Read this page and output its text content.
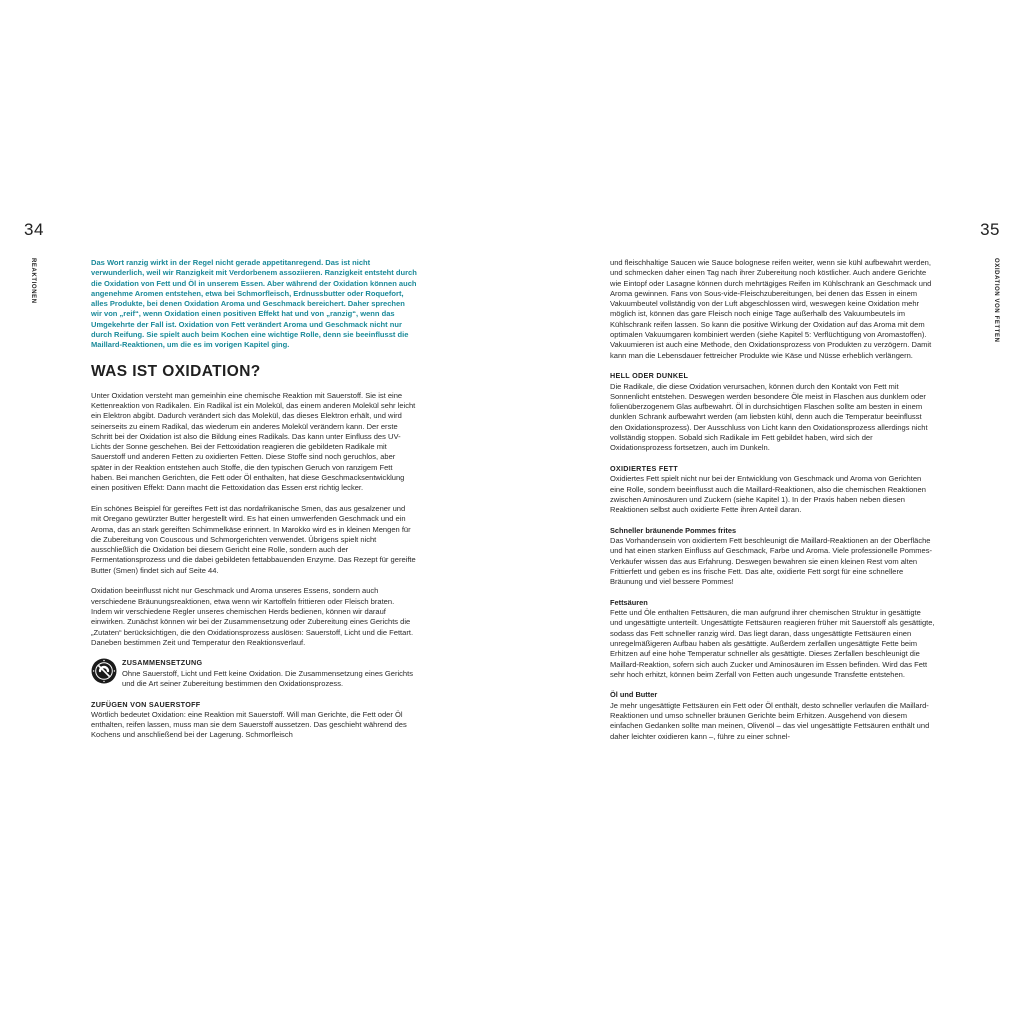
34	35
REAKTIONEN	OXIDATION VON FETTEN

Das Wort ranzig wirkt in der Regel nicht gerade appetitanregend. Das ist nicht verwunderlich, weil wir Ranzigkeit mit Verdorbenem assoziieren. Ranzigkeit entsteht durch die Oxidation von Fett und Öl in unserem Essen. Aber während der Oxidation können auch angenehme Aromen entstehen, etwa bei Schmorfleisch, Erdnussbutter oder Roquefort, alles Produkte, bei denen Oxidation Aroma und Geschmack bereichert. Daher sprechen wir von „reif“, wenn Oxidation einen positiven Effekt hat und von „ranzig“, wenn das Umgekehrte der Fall ist. Oxidation von Fett verändert Aroma und Geschmack nicht nur durch Reifung. Sie spielt auch beim Kochen eine wichtige Rolle, denn sie beeinflusst die Maillard-Reaktionen, um die es im vorigen Kapitel ging.

WAS IST OXIDATION?

Unter Oxidation versteht man gemeinhin eine chemische Reaktion mit Sauerstoff. Sie ist eine Kettenreaktion von Radikalen. Ein Radikal ist ein Molekül, das einem anderen Molekül sehr leicht ein Elektron abgibt. Dadurch verändert sich das Molekül, das dieses Elektron erhält, und wird seinerseits zu einem Radikal, das wiederum ein anderes Molekül verändern kann. Der erste Schritt bei der Oxidation ist also die Bildung eines Radikals. Das kann unter Einfluss des UV-Lichts der Sonne geschehen. Bei der Fettoxidation reagieren die gebildeten Radikale mit Sauerstoff und anderen Fetten zu oxidierten Fetten. Diese Stoffe sind noch geruchlos, aber später in der Reaktion entstehen auch Stoffe, die den typischen Geruch von ranzigem Fett haben. Bei manchen Gerichten, die Fett oder Öl enthalten, hat diese Geschmacksentwicklung einen positiven Effekt: Dann macht die Fettoxidation das Essen erst richtig lecker.

Ein schönes Beispiel für gereiftes Fett ist das nordafrikanische Smen, das aus gesalzener und mit Oregano gewürzter Butter hergestellt wird. Es hat einen umwerfenden Geschmack und ein Aroma, das an stark gereiften Schimmelkäse erinnert. In Marokko wird es in kleinen Mengen für die Zubereitung von Couscous und Schmorgerichten verwendet. Übrigens spielt nicht ausschließlich die Oxidation bei diesem Gericht eine Rolle, sondern auch der Fermentationsprozess und die dabei gebildeten fettabbauenden Enzyme. Das Rezept für gereifte Butter (Smen) findet sich auf Seite 44.

Oxidation beeinflusst nicht nur Geschmack und Aroma unseres Essens, sondern auch verschiedene Bräunungsreaktionen, etwa wenn wir Kartoffeln frittieren oder Fleisch braten. Indem wir verschiedene Regler unseres chemischen Herds bedienen, können wir darauf einwirken. Zunächst können wir bei der Zusammensetzung oder Zubereitung eines Gerichts die „Zutaten“ berücksichtigen, die den Oxidationsprozess auslösen: Sauerstoff, Licht und die Fettart. Daneben bestimmen Zeit und Temperatur den Reaktionsverlauf.

ZUSAMMENSETZUNG

Ohne Sauerstoff, Licht und Fett keine Oxidation. Die Zusammensetzung eines Gerichts und die Art seiner Zubereitung bestimmen den Oxidationsprozess.

ZUFÜGEN VON SAUERSTOFF

Wörtlich bedeutet Oxidation: eine Reaktion mit Sauerstoff. Will man Gerichte, die Fett oder Öl enthalten, reifen lassen, muss man sie dem Sauerstoff aussetzen. Das geschieht während des Kochens und anschließend bei der Lagerung. Schmorfleisch

und fleischhaltige Saucen wie Sauce bolognese reifen weiter, wenn sie kühl aufbewahrt werden, und schmecken daher einen Tag nach ihrer Zubereitung noch köstlicher. Auch andere Gerichte wie Eintopf oder Lasagne können durch mehrtägiges Reifen im Kühlschrank an Geschmack und Aroma gewinnen. Fans von Sous-vide-Fleischzubereitungen, bei denen das Essen in einem Vakuumbeutel vollständig von der Luft abgeschlossen wird, weswegen keine Oxidation mehr möglich ist, können das gare Fleisch noch einige Tage außerhalb des Vakuumbeutels im Kühlschrank reifen lassen. So kann die positive Wirkung der Oxidation auf das Aroma mit dem optimalen Vakuumgaren kombiniert werden (siehe Kapitel 5: Verflüchtigung von Aromastoffen). Vakuumieren ist auch eine Methode, den Oxidationsprozess von Produkten zu verzögern. Damit kann man die Lebensdauer fettreicher Produkte wie Käse und Nüsse erheblich verlängern.

HELL ODER DUNKEL

Die Radikale, die diese Oxidation verursachen, können durch den Kontakt von Fett mit Sonnenlicht entstehen. Deswegen werden besondere Öle meist in Flaschen aus dunklem oder folienüberzogenem Glas aufbewahrt. Öl in durchsichtigen Flaschen sollte am besten in einem dunklen Schrank aufbewahrt werden (am liebsten kühl, denn auch die Temperatur beeinflusst den Oxidationsprozess). Der Ausschluss von Licht kann den Oxidationsprozess allerdings nicht vollständig stoppen. Sobald sich Radikale im Fett gebildet haben, wird sich der Oxidationsprozess fortsetzen, auch im Dunkeln.

OXIDIERTES FETT

Oxidiertes Fett spielt nicht nur bei der Entwicklung von Geschmack und Aroma von Gerichten eine Rolle, sondern beeinflusst auch die Maillard-Reaktionen, also die chemischen Reaktionen zwischen Aminosäuren und Zuckern (siehe Kapitel 1). In der Praxis haben neben diesen Reaktionen selbst auch oxidierte Fette ihren Anteil daran.

Schneller bräunende Pommes frites

Das Vorhandensein von oxidiertem Fett beschleunigt die Maillard-Reaktionen an der Oberfläche und hat einen starken Einfluss auf Geschmack, Farbe und Aroma. Viele professionelle Pommes-Verkäufer wissen das aus Erfahrung. Deswegen bewahren sie einen kleinen Rest vom alten Frittierfett und geben es ins frische Fett. Das alte, oxidierte Fett sorgt für eine schnellere Bräunung und viel bessere Pommes!

Fettsäuren

Fette und Öle enthalten Fettsäuren, die man aufgrund ihrer chemischen Struktur in gesättigte und ungesättigte unterteilt. Ungesättigte Fettsäuren reagieren früher mit Sauerstoff als gesättigte, sodass das Fett schneller ranzig wird. Das liegt daran, dass ungesättigte Fettsäuren einen unregelmäßigeren Aufbau haben als gesättigte. Außerdem zerfallen ungesättigte Fette beim Erhitzen auf eine hohe Temperatur schneller als gesättigte. Dieses Zerfallen beschleunigt die Maillard-Reaktion, sofern sich auch Zucker und Aminosäuren im Essen befinden. Wird das Fett sehr hoch erhitzt, können beim Zerfall von Fetten auch ungesunde Transfette entstehen.

Öl und Butter

Je mehr ungesättigte Fettsäuren ein Fett oder Öl enthält, desto schneller verlaufen die Maillard-Reaktionen und umso schneller bräunen Gerichte beim Erhitzen. Ausgehend von diesem einfachen Gedanken sollte man meinen, Olivenöl – das viel ungesättigte Fettsäuren enthält und daher leichter oxidieren kann –, führe zu einer schnel-
